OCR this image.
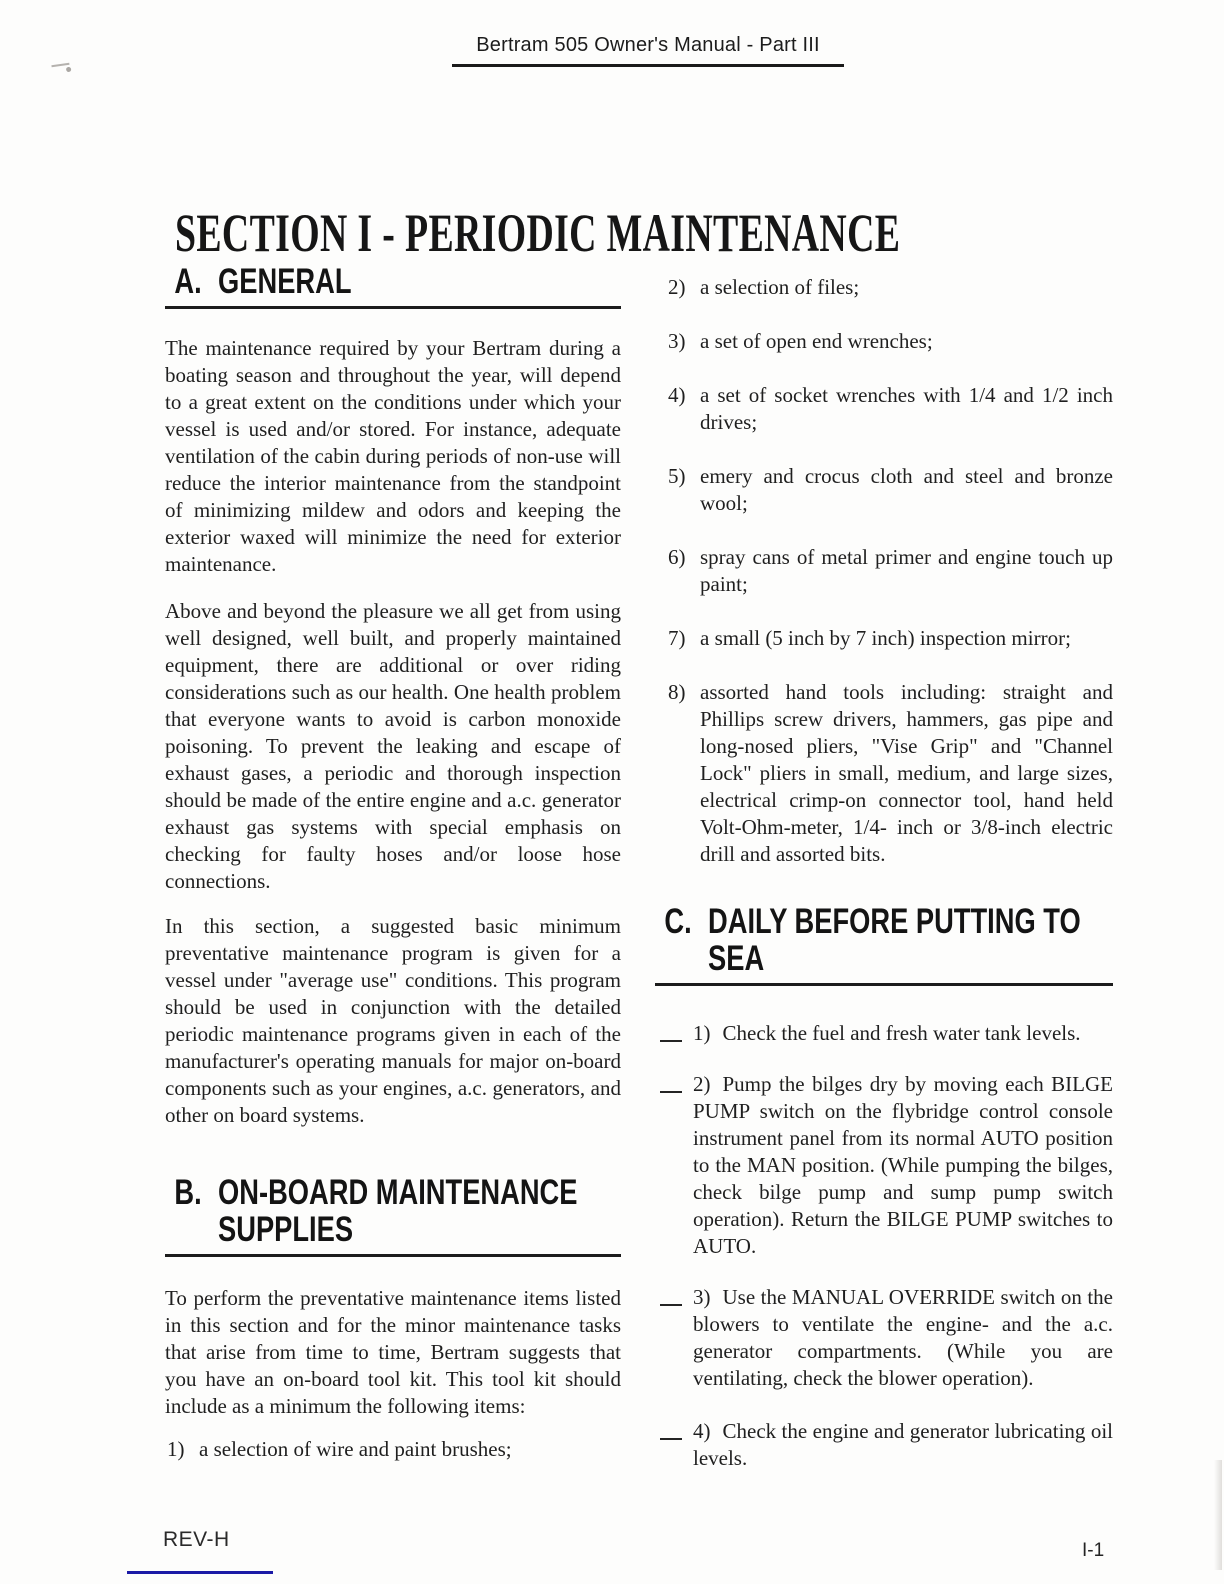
Bertram 505 Owner's Manual - Part III
SECTION I - PERIODIC MAINTENANCE
A. GENERAL

The maintenance required by your Bertram during a boating season and throughout the year, will depend to a great extent on the conditions under which your vessel is used and/or stored. For instance, adequate ventilation of the cabin during periods of non-use will reduce the interior maintenance from the standpoint of minimizing mildew and odors and keeping the exterior waxed will minimize the need for exterior maintenance.

Above and beyond the pleasure we all get from using well designed, well built, and properly maintained equipment, there are additional or over riding considerations such as our health. One health problem that everyone wants to avoid is carbon monoxide poisoning. To prevent the leaking and escape of exhaust gases, a periodic and thorough inspection should be made of the entire engine and a.c. generator exhaust gas systems with special emphasis on checking for faulty hoses and/or loose hose connections.

In this section, a suggested basic minimum preventative maintenance program is given for a vessel under "average use" conditions. This program should be used in conjunction with the detailed periodic maintenance programs given in each of the manufacturer's operating manuals for major on-board components such as your engines, a.c. generators, and other on board systems.

B. ON-BOARD MAINTENANCE
SUPPLIES

To perform the preventative maintenance items listed in this section and for the minor maintenance tasks that arise from time to time, Bertram suggests that you have an on-board tool kit. This tool kit should include as a minimum the following items:

1) a selection of wire and paint brushes;
2) a selection of files;
3) a set of open end wrenches;
4) a set of socket wrenches with 1/4 and 1/2 inch drives;
5) emery and crocus cloth and steel and bronze wool;
6) spray cans of metal primer and engine touch up paint;
7) a small (5 inch by 7 inch) inspection mirror;
8) assorted hand tools including: straight and Phillips screw drivers, hammers, gas pipe and long-nosed pliers, "Vise Grip" and "Channel Lock" pliers in small, medium, and large sizes, electrical crimp-on connector tool, hand held Volt-Ohm-meter, 1/4- inch or 3/8-inch electric drill and assorted bits.
C. DAILY BEFORE PUTTING TO
SEA
1) Check the fuel and fresh water tank levels.
2) Pump the bilges dry by moving each BILGE PUMP switch on the flybridge control console instrument panel from its normal AUTO position to the MAN position. (While pumping the bilges, check bilge pump and sump pump switch operation). Return the BILGE PUMP switches to AUTO.
3) Use the MANUAL OVERRIDE switch on the blowers to ventilate the engine- and the a.c. generator compartments. (While you are ventilating, check the blower operation).
4) Check the engine and generator lubricating oil levels.
REV-H	I-1
